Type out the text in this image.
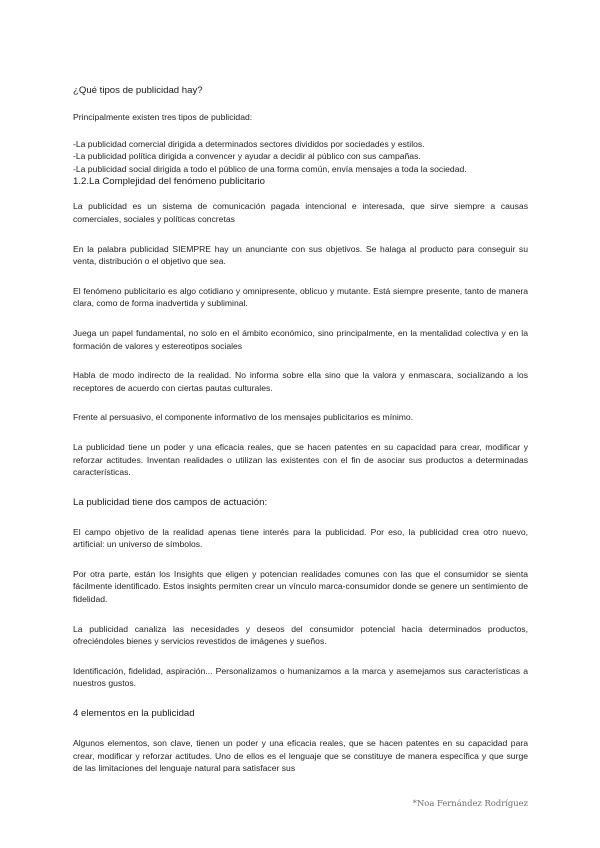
¿Qué tipos de publicidad hay?

Principalmente existen tres tipos de publicidad:

-La publicidad comercial dirigida a determinados sectores divididos por sociedades y estilos.

-La publicidad política dirigida a convencer y ayudar a decidir al público con sus campañas.

-La publicidad social dirigida a todo el público de una forma común, envía mensajes a toda la sociedad.

1.2.La Complejidad del fenómeno publicitario

La publicidad es un sistema de comunicación pagada intencional e interesada, que sirve siempre a causas comerciales, sociales y políticas concretas

En la palabra publicidad SIEMPRE hay un anunciante con sus objetivos. Se halaga al producto para conseguir su venta, distribución o el objetivo que sea.

El fenómeno publicitario es algo cotidiano y omnipresente, oblicuo y mutante. Está siempre presente, tanto de manera clara, como de forma inadvertida y subliminal.

Juega un papel fundamental, no solo en el ámbito económico, sino principalmente, en la mentalidad colectiva y en la formación de valores y estereotipos sociales

Habla de modo indirecto de la realidad. No informa sobre ella sino que la valora y enmascara, socializando a los receptores de acuerdo con ciertas pautas culturales.

Frente al persuasivo, el componente informativo de los mensajes publicitarios es mínimo.

La publicidad tiene un poder y una eficacia reales, que se hacen patentes en su capacidad para crear, modificar y reforzar actitudes. Inventan realidades o utilizan las existentes con el fin de asociar sus productos a determinadas características.

La publicidad tiene dos campos de actuación:

El campo objetivo de la realidad apenas tiene interés para la publicidad. Por eso, la publicidad crea otro nuevo, artificial: un universo de símbolos.

Por otra parte, están los Insights que eligen y potencian realidades comunes con las que el consumidor se sienta fácilmente identificado. Estos insights permiten crear un vínculo marca-consumidor donde se genere un sentimiento de fidelidad.

La publicidad canaliza las necesidades y deseos del consumidor potencial hacia determinados productos, ofreciéndoles bienes y servicios revestidos de imágenes y sueños.

Identificación, fidelidad, aspiración... Personalizamos o humanizamos a la marca y asemejamos sus características a nuestros gustos.

4 elementos en la publicidad

Algunos elementos, son clave, tienen un poder y una eficacia reales, que se hacen patentes en su capacidad para crear, modificar y reforzar actitudes. Uno de ellos es el lenguaje que se constituye de manera específica y que surge de las limitaciones del lenguaje natural para satisfacer sus

*Noa Fernández Rodríguez
